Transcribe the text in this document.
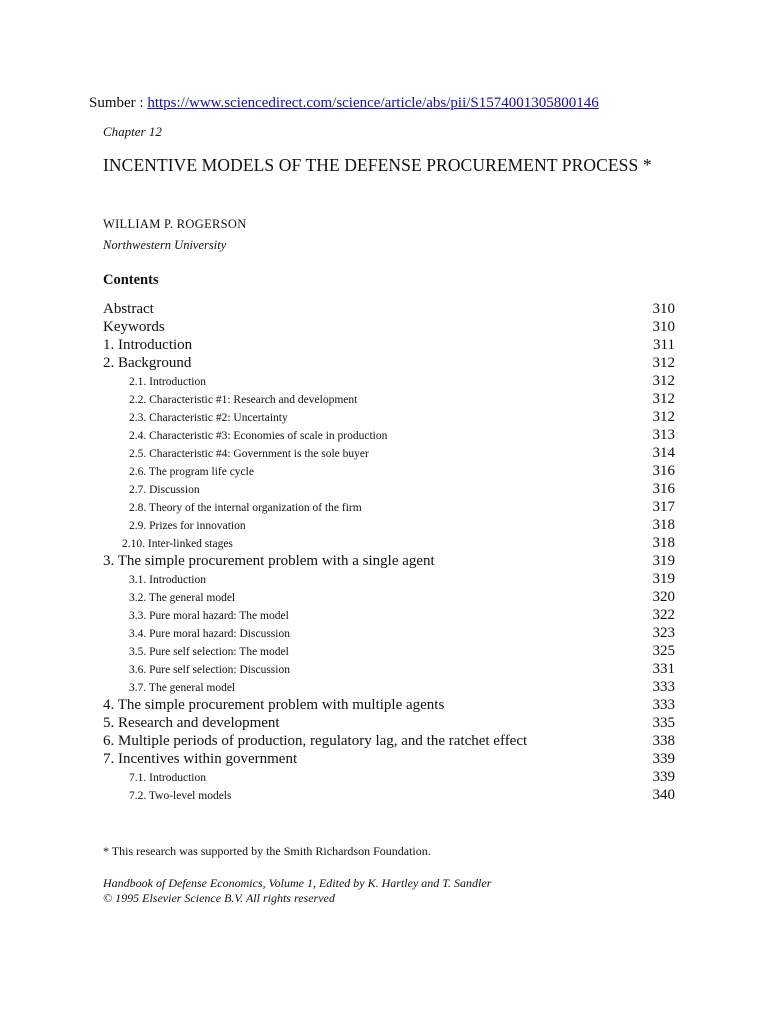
Sumber : https://www.sciencedirect.com/science/article/abs/pii/S1574001305800146
Chapter 12
INCENTIVE MODELS OF THE DEFENSE PROCUREMENT PROCESS *
WILLIAM P. ROGERSON
Northwestern University
Contents
Abstract	310
Keywords	310
1. Introduction	311
2. Background	312
2.1. Introduction	312
2.2. Characteristic #1: Research and development	312
2.3. Characteristic #2: Uncertainty	312
2.4. Characteristic #3: Economies of scale in production	313
2.5. Characteristic #4: Government is the sole buyer	314
2.6. The program life cycle	316
2.7. Discussion	316
2.8. Theory of the internal organization of the firm	317
2.9. Prizes for innovation	318
2.10. Inter-linked stages	318
3. The simple procurement problem with a single agent	319
3.1. Introduction	319
3.2. The general model	320
3.3. Pure moral hazard: The model	322
3.4. Pure moral hazard: Discussion	323
3.5. Pure self selection: The model	325
3.6. Pure self selection: Discussion	331
3.7. The general model	333
4. The simple procurement problem with multiple agents	333
5. Research and development	335
6. Multiple periods of production, regulatory lag, and the ratchet effect	338
7. Incentives within government	339
7.1. Introduction	339
7.2. Two-level models	340
* This research was supported by the Smith Richardson Foundation.
Handbook of Defense Economics, Volume 1, Edited by K. Hartley and T. Sandler
© 1995 Elsevier Science B.V. All rights reserved
